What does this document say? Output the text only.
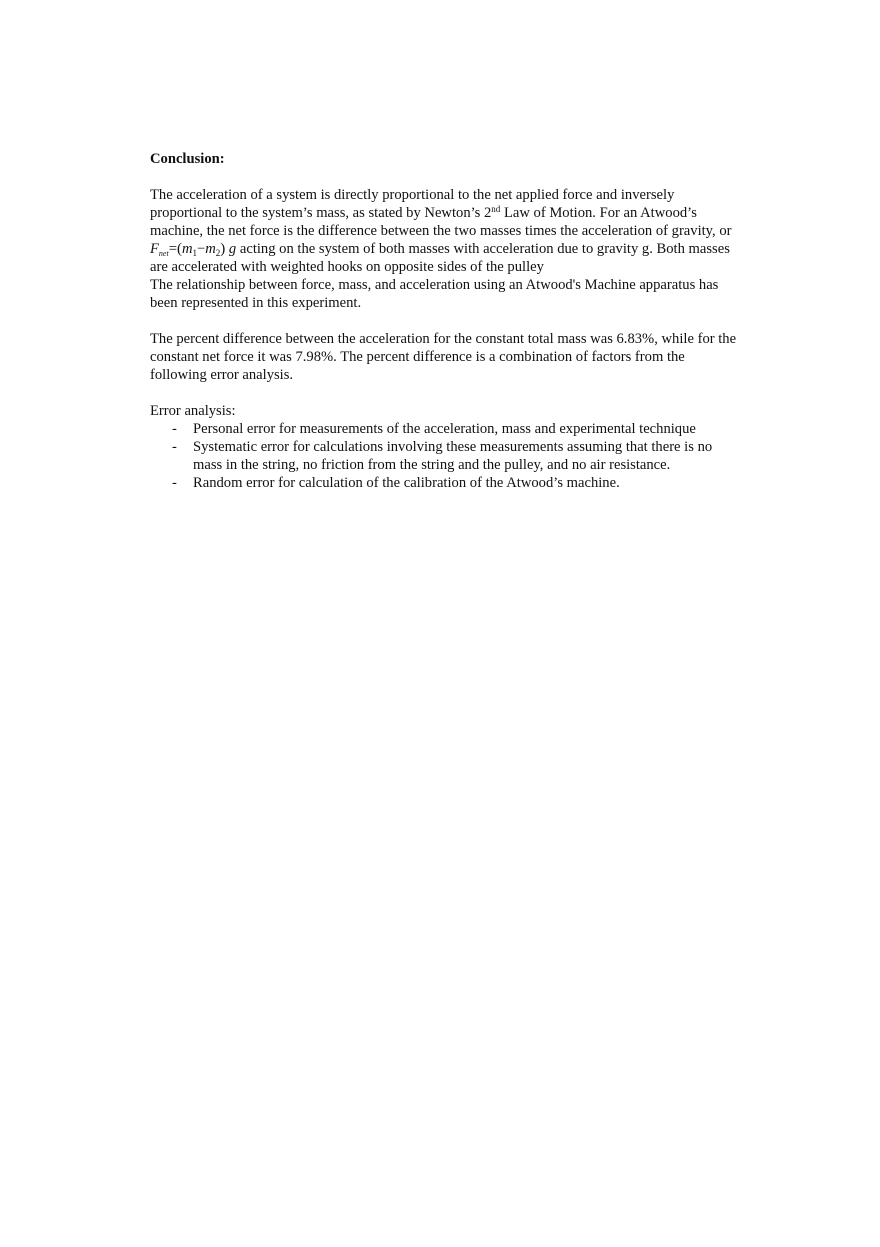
Conclusion:

The acceleration of a system is directly proportional to the net applied force and inversely proportional to the system’s mass, as stated by Newton’s 2nd Law of Motion. For an Atwood’s machine, the net force is the difference between the two masses times the acceleration of gravity, or $F_{net}=(m_1-m_2)$ g acting on the system of both masses with acceleration due to gravity g. Both masses are accelerated with weighted hooks on opposite sides of the pulley

The relationship between force, mass, and acceleration using an Atwood's Machine apparatus has been represented in this experiment.

The percent difference between the acceleration for the constant total mass was 6.83%, while for the constant net force it was 7.98%. The percent difference is a combination of factors from the following error analysis.

Error analysis:

- Personal error for measurements of the acceleration, mass and experimental technique
- Systematic error for calculations involving these measurements assuming that there is no mass in the string, no friction from the string and the pulley, and no air resistance.
- Random error for calculation of the calibration of the Atwood’s machine.
